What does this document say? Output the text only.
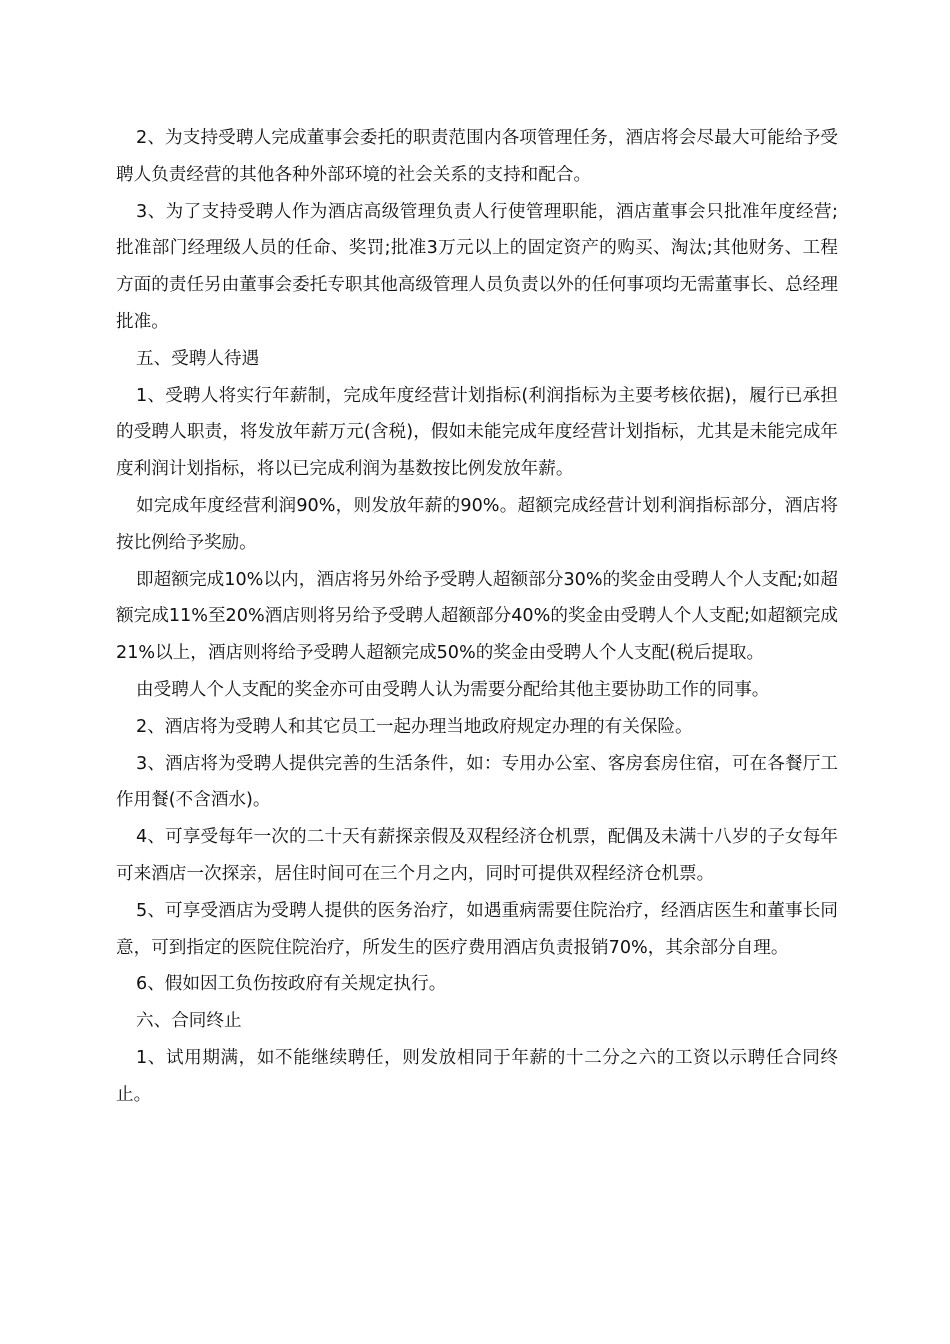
2、为支持受聘人完成董事会委托的职责范围内各项管理任务，酒店将会尽最大可能给予受聘人负责经营的其他各种外部环境的社会关系的支持和配合。

3、为了支持受聘人作为酒店高级管理负责人行使管理职能，酒店董事会只批准年度经营;批准部门经理级人员的任命、奖罚;批准3万元以上的固定资产的购买、淘汰;其他财务、工程方面的责任另由董事会委托专职其他高级管理人员负责以外的任何事项均无需董事长、总经理批准。

五、受聘人待遇

1、受聘人将实行年薪制，完成年度经营计划指标(利润指标为主要考核依据)，履行已承担的受聘人职责，将发放年薪万元(含税)，假如未能完成年度经营计划指标，尤其是未能完成年度利润计划指标，将以已完成利润为基数按比例发放年薪。

如完成年度经营利润90%，则发放年薪的90%。超额完成经营计划利润指标部分，酒店将按比例给予奖励。

即超额完成10%以内，酒店将另外给予受聘人超额部分30%的奖金由受聘人个人支配;如超额完成11%至20%酒店则将另给予受聘人超额部分40%的奖金由受聘人个人支配;如超额完成21%以上，酒店则将给予受聘人超额完成50%的奖金由受聘人个人支配(税后提取。

由受聘人个人支配的奖金亦可由受聘人认为需要分配给其他主要协助工作的同事。

2、酒店将为受聘人和其它员工一起办理当地政府规定办理的有关保险。

3、酒店将为受聘人提供完善的生活条件，如：专用办公室、客房套房住宿，可在各餐厅工作用餐(不含酒水)。

4、可享受每年一次的二十天有薪探亲假及双程经济仓机票，配偶及未满十八岁的子女每年可来酒店一次探亲，居住时间可在三个月之内，同时可提供双程经济仓机票。

5、可享受酒店为受聘人提供的医务治疗，如遇重病需要住院治疗，经酒店医生和董事长同意，可到指定的医院住院治疗，所发生的医疗费用酒店负责报销70%，其余部分自理。

6、假如因工负伤按政府有关规定执行。

六、合同终止

1、试用期满，如不能继续聘任，则发放相同于年薪的十二分之六的工资以示聘任合同终止。
